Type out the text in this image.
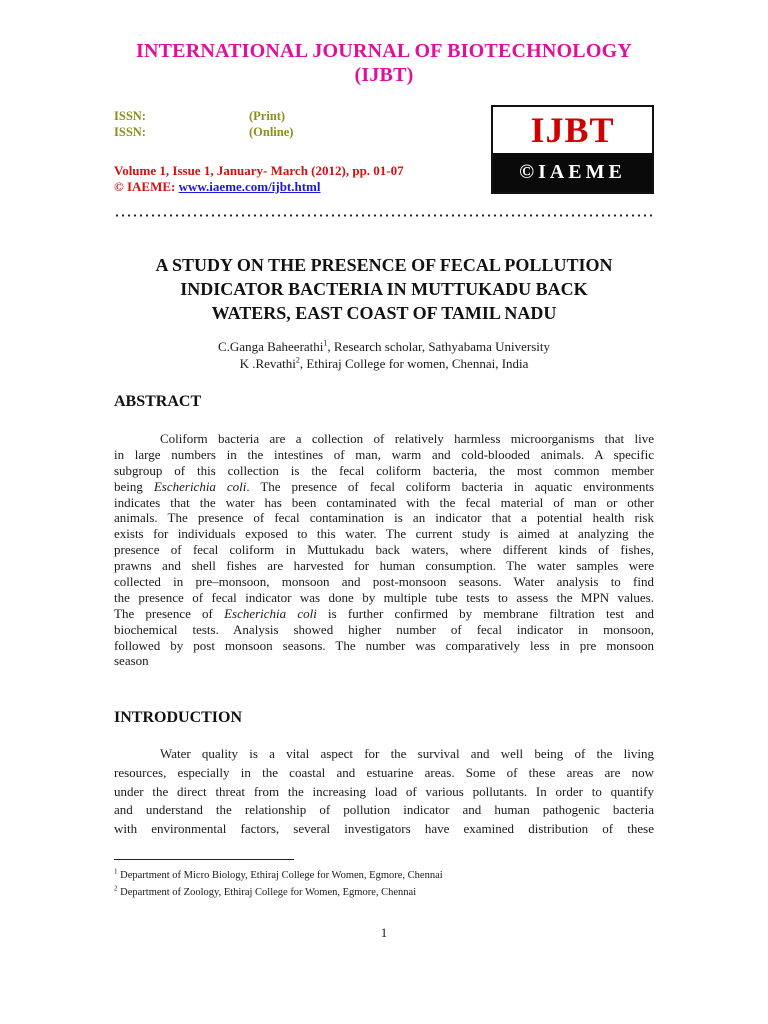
INTERNATIONAL JOURNAL OF BIOTECHNOLOGY
(IJBT)
ISSN:
ISSN:
(Print)
(Online)
Volume 1, Issue 1, January- March (2012), pp. 01-07
© IAEME: www.iaeme.com/ijbt.html
IJBT
©IAEME
A STUDY ON THE PRESENCE OF FECAL POLLUTION
INDICATOR BACTERIA IN MUTTUKADU BACK
WATERS, EAST COAST OF TAMIL NADU
C.Ganga Baheerathi$^1$, Research scholar, Sathyabama University
K .Revathi$^2$, Ethiraj College for women, Chennai, India
ABSTRACT
Coliform bacteria are a collection of relatively harmless microorganisms that live
in large numbers in the intestines of man, warm and cold-blooded animals. A specific
subgroup of this collection is the fecal coliform bacteria, the most common member
being Escherichia coli. The presence of fecal coliform bacteria in aquatic environments
indicates that the water has been contaminated with the fecal material of man or other
animals. The presence of fecal contamination is an indicator that a potential health risk
exists for individuals exposed to this water. The current study is aimed at analyzing the
presence of fecal coliform in Muttukadu back waters, where different kinds of fishes,
prawns and shell fishes are harvested for human consumption. The water samples were
collected in pre–monsoon, monsoon and post-monsoon seasons. Water analysis to find
the presence of fecal indicator was done by multiple tube tests to assess the MPN values.
The presence of Escherichia coli is further confirmed by membrane filtration test and
biochemical tests. Analysis showed higher number of fecal indicator in monsoon,
followed by post monsoon seasons. The number was comparatively less in pre monsoon
season
INTRODUCTION
Water quality is a vital aspect for the survival and well being of the living
resources, especially in the coastal and estuarine areas. Some of these areas are now
under the direct threat from the increasing load of various pollutants. In order to quantify
and understand the relationship of pollution indicator and human pathogenic bacteria
with environmental factors, several investigators have examined distribution of these
$^1$ Department of Micro Biology, Ethiraj College for Women, Egmore, Chennai
$^2$ Department of Zoology, Ethiraj College for Women, Egmore, Chennai
1
